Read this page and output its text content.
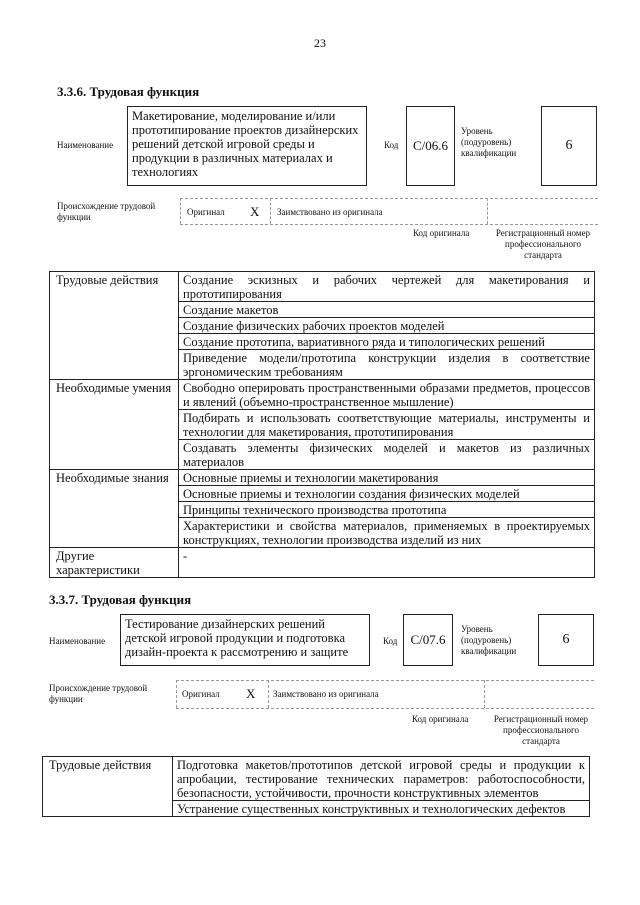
23
3.3.6. Трудовая функция
Наименование
Макетирование, моделирование и/или прототипирование проектов дизайнерских решений детской игровой среды и продукции в различных материалах и технологиях
Код	C/06.6
Уровень (подуровень) квалификации	6
Происхождение трудовой функции	Оригинал X Заимствовано из оригинала
Код оригинала	Регистрационный номер профессионального стандарта
Трудовые действия	Создание эскизных и рабочих чертежей для макетирования и прототипирования
	Создание макетов
	Создание физических рабочих проектов моделей
	Создание прототипа, вариативного ряда и типологических решений
	Приведение модели/прототипа конструкции изделия в соответствие эргономическим требованиям
Необходимые умения	Свободно оперировать пространственными образами предметов, процессов и явлений (объемно-пространственное мышление)
	Подбирать и использовать соответствующие материалы, инструменты и технологии для макетирования, прототипирования
	Создавать элементы физических моделей и макетов из различных материалов
Необходимые знания	Основные приемы и технологии макетирования
	Основные приемы и технологии создания физических моделей
	Принципы технического производства прототипа
	Характеристики и свойства материалов, применяемых в проектируемых конструкциях, технологии производства изделий из них
Другие характеристики	-
3.3.7. Трудовая функция
Наименование
Тестирование дизайнерских решений детской игровой продукции и подготовка дизайн-проекта к рассмотрению и защите
Код	C/07.6
Уровень (подуровень) квалификации
6
Происхождение трудовой функции	Оригинал X Заимствовано из оригинала
Код оригинала	Регистрационный номер профессионального стандарта
Трудовые действия	Подготовка макетов/прототипов детской игровой среды и продукции к апробации, тестирование технических параметров: работоспособности, безопасности, устойчивости, прочности конструктивных элементов
Устранение существенных конструктивных и технологических дефектов
